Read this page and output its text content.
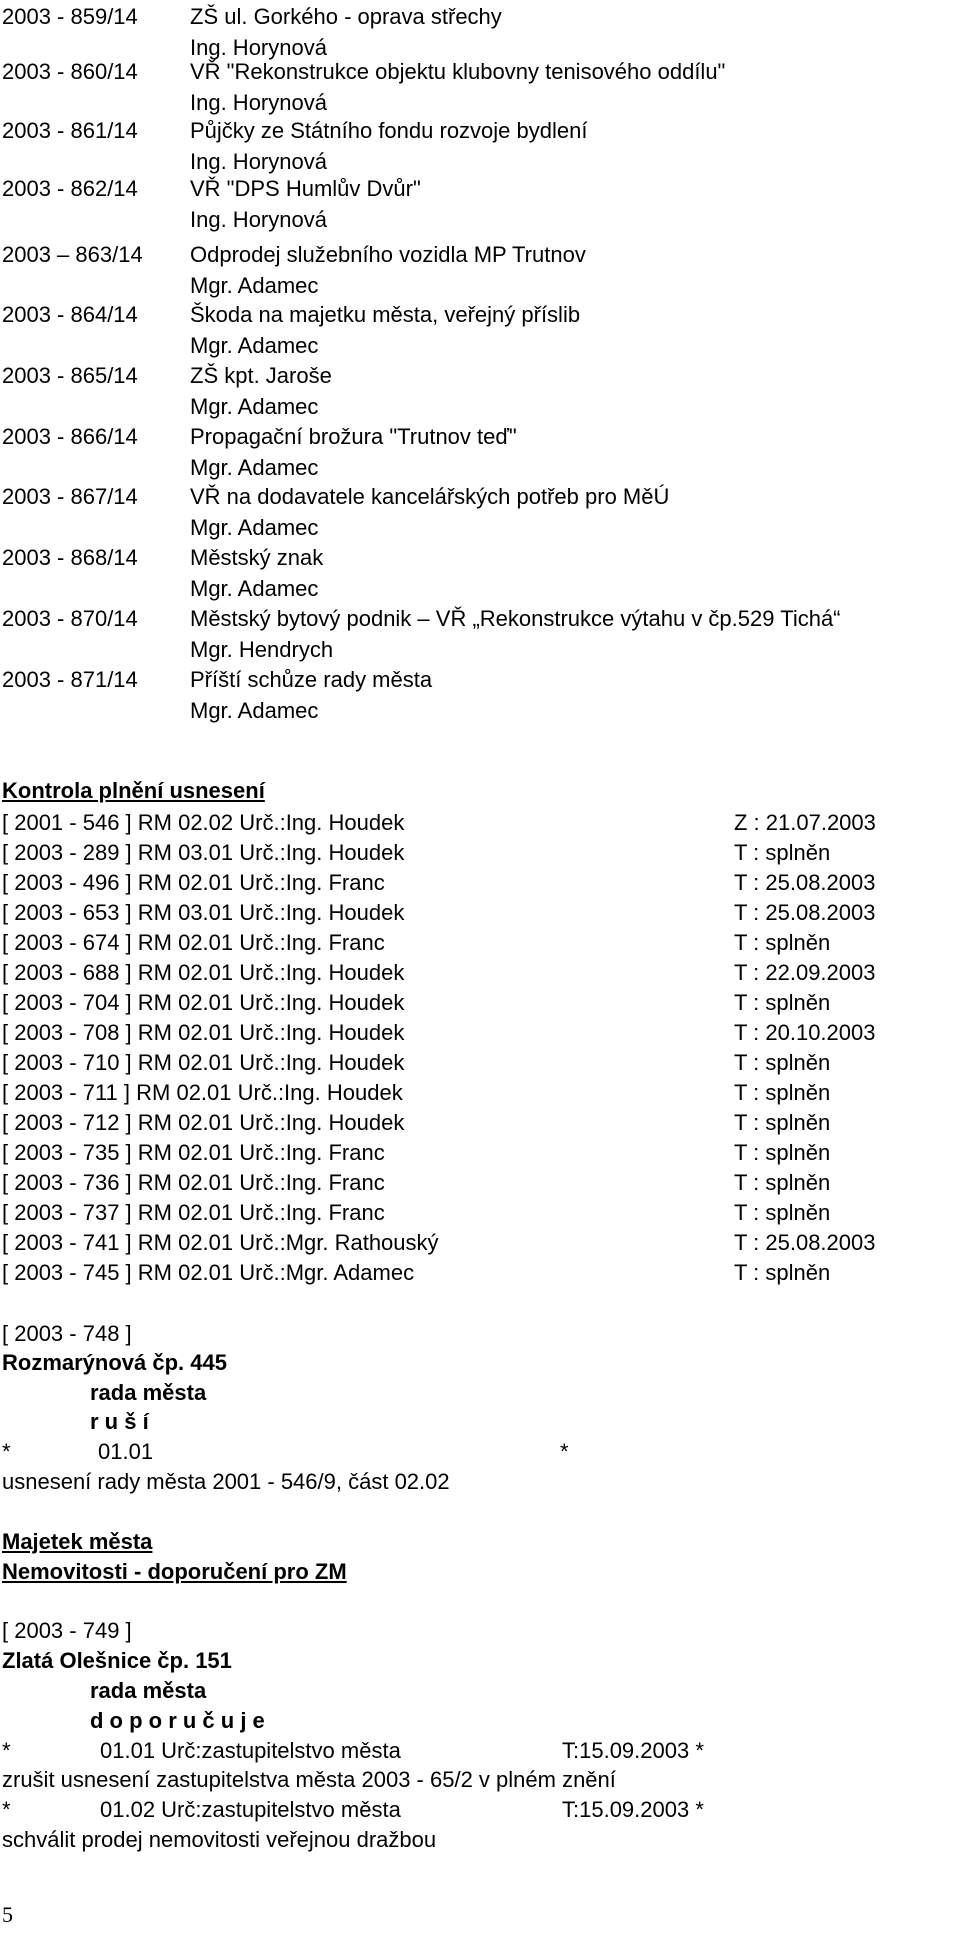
2003 - 859/14 ZŠ ul. Gorkého - oprava střechy
Ing. Horynová
2003 - 860/14 VŘ "Rekonstrukce objektu klubovny tenisového oddílu"
Ing. Horynová
2003 - 861/14 Půjčky ze Státního fondu rozvoje bydlení
Ing. Horynová
2003 - 862/14 VŘ "DPS Humlův Dvůr"
Ing. Horynová
2003 – 863/14 Odprodej služebního vozidla MP Trutnov
Mgr. Adamec
2003 - 864/14 Škoda na majetku města, veřejný příslib
Mgr. Adamec
2003 - 865/14 ZŠ kpt. Jaroše
Mgr. Adamec
2003 - 866/14 Propagační brožura "Trutnov teď"
Mgr. Adamec
2003 - 867/14 VŘ na dodavatele kancelářských potřeb pro MěÚ
Mgr. Adamec
2003 - 868/14 Městský znak
Mgr. Adamec
2003 - 870/14 Městský bytový podnik – VŘ „Rekonstrukce výtahu v čp.529 Tichá“
Mgr. Hendrych
2003 - 871/14 Příští schůze rady města
Mgr. Adamec
Kontrola plnění usnesení
[ 2001 - 546 ] RM 02.02 Urč.:Ing. Houdek	Z : 21.07.2003
[ 2003 - 289 ] RM 03.01 Urč.:Ing. Houdek	T : splněn
[ 2003 - 496 ] RM 02.01 Urč.:Ing. Franc	T : 25.08.2003
[ 2003 - 653 ] RM 03.01 Urč.:Ing. Houdek	T : 25.08.2003
[ 2003 - 674 ] RM 02.01 Urč.:Ing. Franc	T : splněn
[ 2003 - 688 ] RM 02.01 Urč.:Ing. Houdek	T : 22.09.2003
[ 2003 - 704 ] RM 02.01 Urč.:Ing. Houdek	T : splněn
[ 2003 - 708 ] RM 02.01 Urč.:Ing. Houdek	T : 20.10.2003
[ 2003 - 710 ] RM 02.01 Urč.:Ing. Houdek	T : splněn
[ 2003 - 711 ] RM 02.01 Urč.:Ing. Houdek	T : splněn
[ 2003 - 712 ] RM 02.01 Urč.:Ing. Houdek	T : splněn
[ 2003 - 735 ] RM 02.01 Urč.:Ing. Franc	T : splněn
[ 2003 - 736 ] RM 02.01 Urč.:Ing. Franc	T : splněn
[ 2003 - 737 ] RM 02.01 Urč.:Ing. Franc	T : splněn
[ 2003 - 741 ] RM 02.01 Urč.:Mgr. Rathouský	T : 25.08.2003
[ 2003 - 745 ] RM 02.01 Urč.:Mgr. Adamec	T : splněn
[ 2003 - 748 ]
Rozmarýnová čp. 445
rada města
r u š í
*	01.01	*
usnesení rady města 2001 - 546/9, část 02.02
Majetek města
Nemovitosti - doporučení pro ZM
[ 2003 - 749 ]
Zlatá Olešnice čp. 151
rada města
d o p o r u č u j e
*	01.01 Urč:zastupitelstvo města	T:15.09.2003 *
zrušit usnesení zastupitelstva města 2003 - 65/2 v plném znění
*	01.02 Urč:zastupitelstvo města	T:15.09.2003 *
schválit prodej nemovitosti veřejnou dražbou
5
